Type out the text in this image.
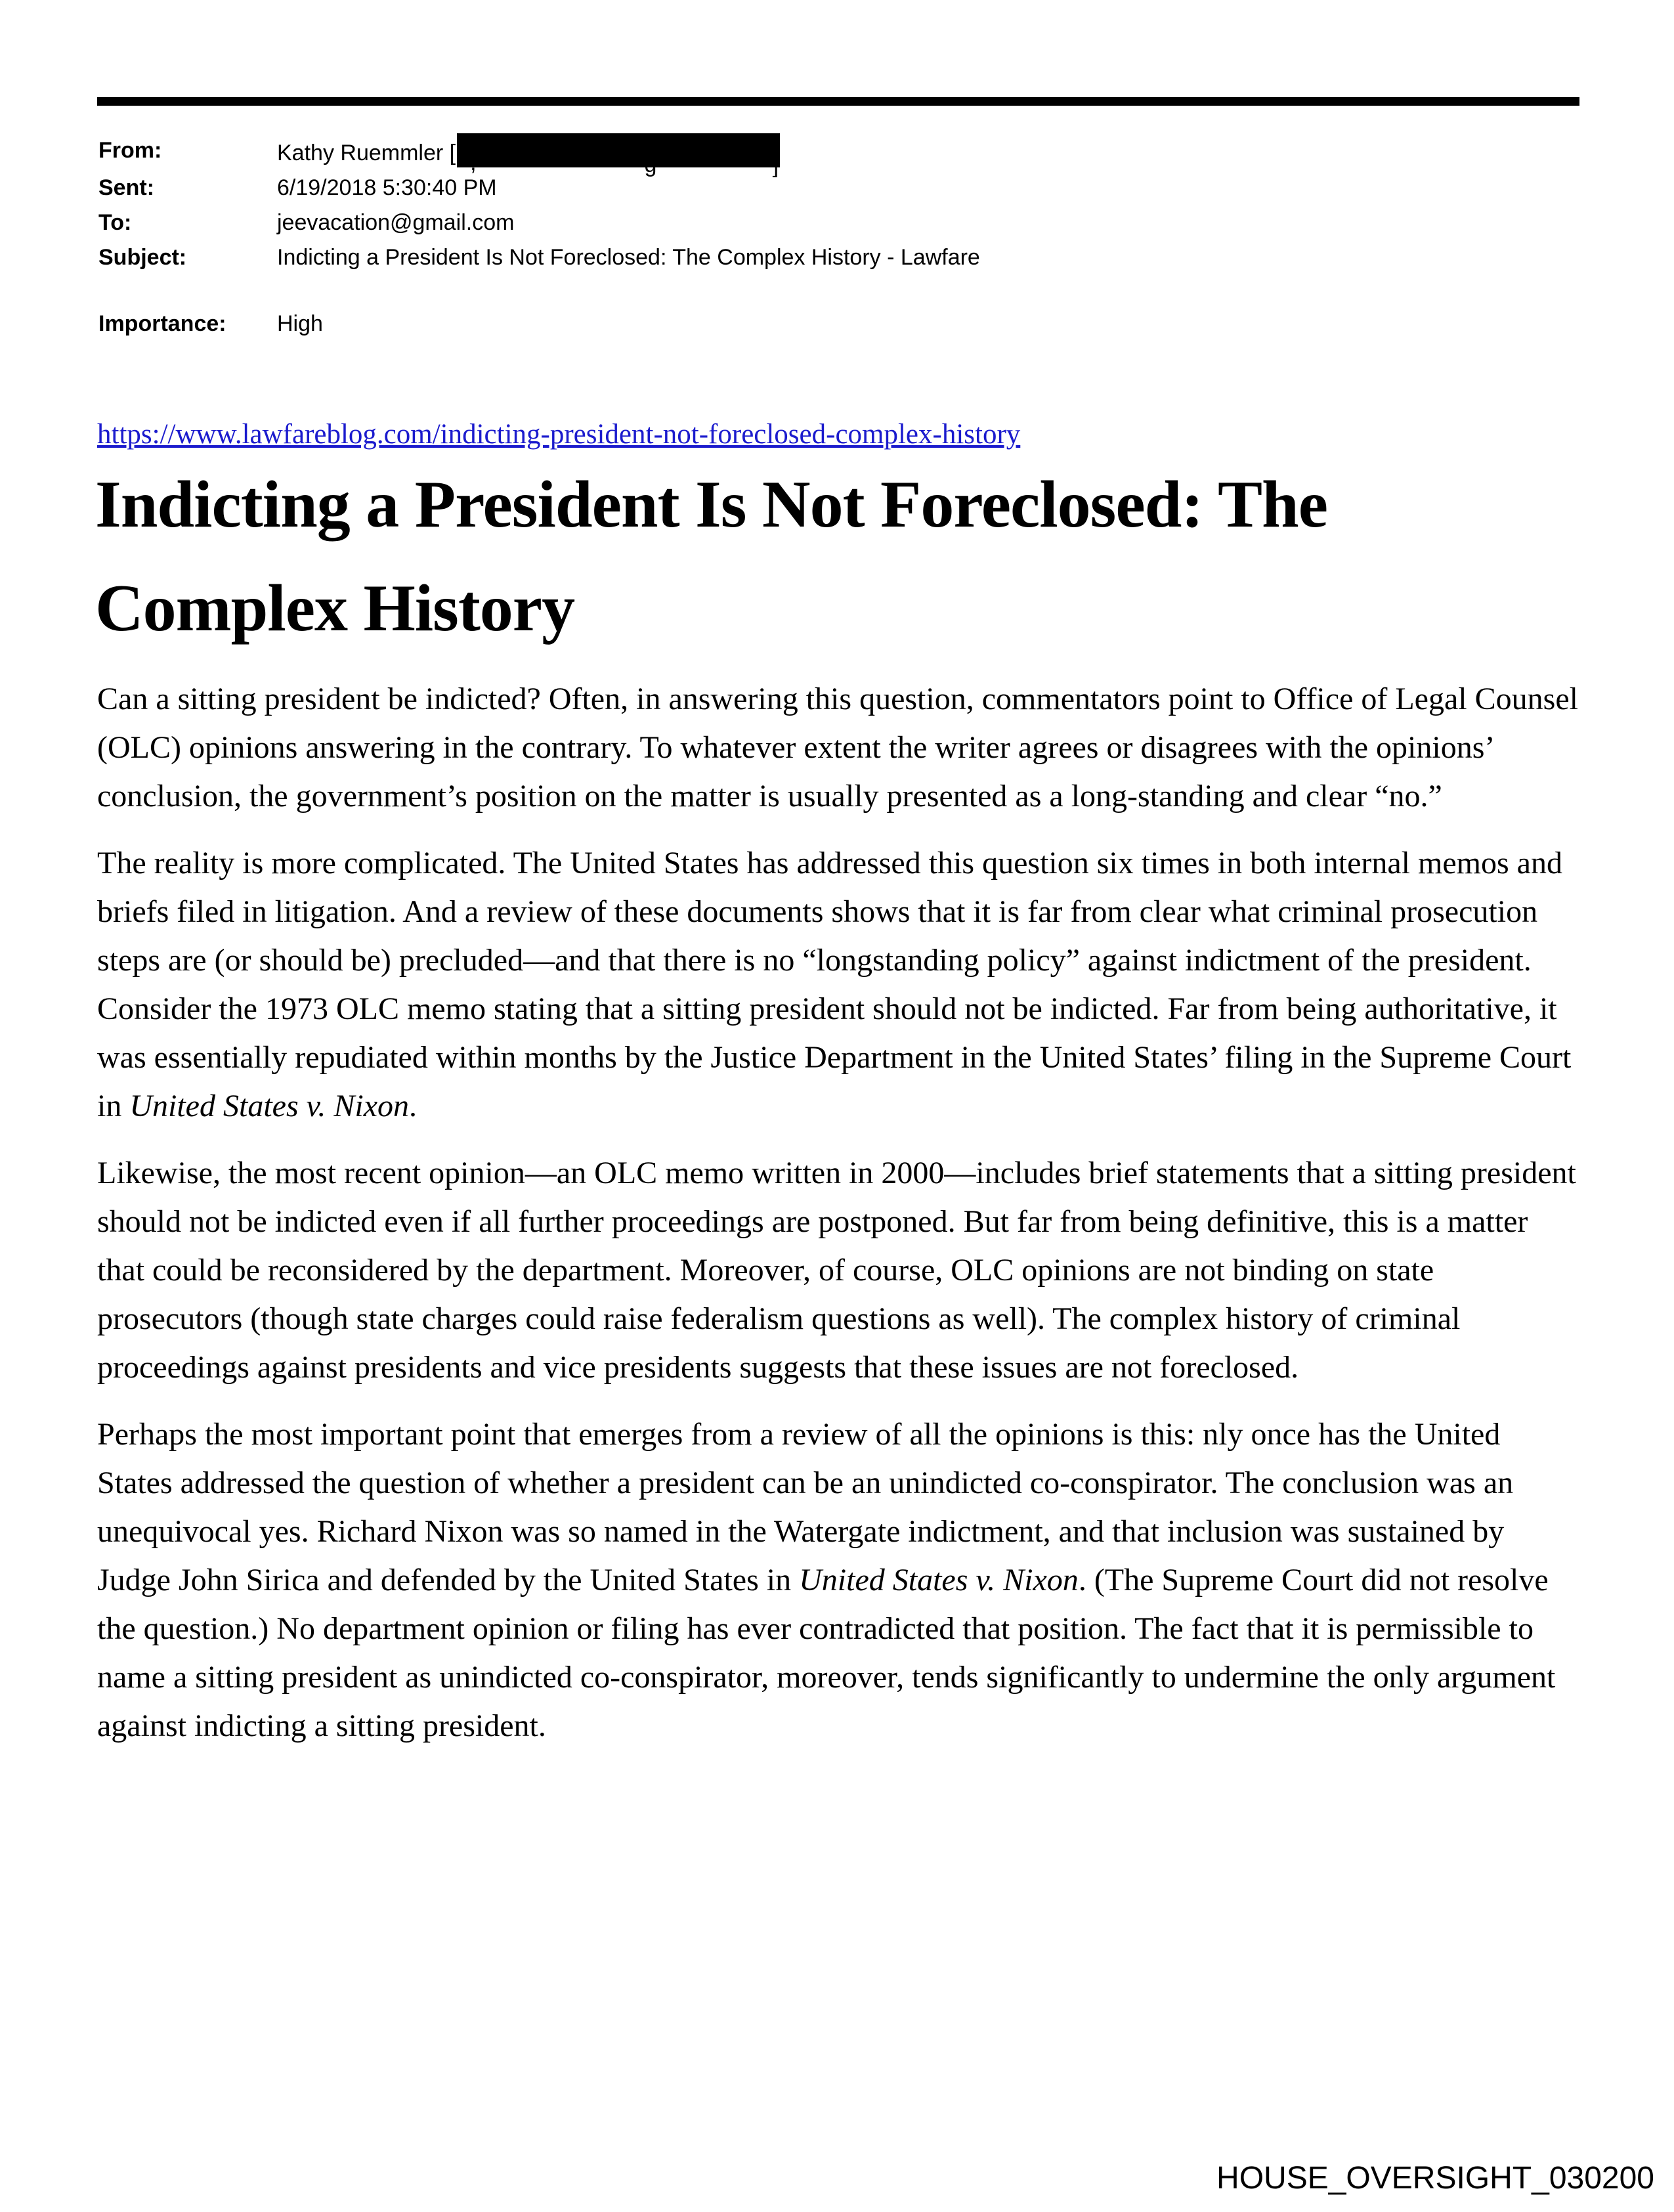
From:	Kathy Ruemmler [ ,	g	]
Sent:	6/19/2018 5:30:40 PM
To:	jeevacation@gmail.com
Subject:	Indicting a President Is Not Foreclosed: The Complex History - Lawfare
Importance:	High
https://www.lawfareblog.com/indicting-president-not-foreclosed-complex-history
Indicting a President Is Not Foreclosed: The
Complex History

Can a sitting president be indicted? Often, in answering this question, commentators point to Office of Legal Counsel (OLC) opinions answering in the contrary. To whatever extent the writer agrees or disagrees with the opinions’ conclusion, the government’s position on the matter is usually presented as a long-standing and clear “no.”

The reality is more complicated. The United States has addressed this question six times in both internal memos and briefs filed in litigation. And a review of these documents shows that it is far from clear what criminal prosecution steps are (or should be) precluded—and that there is no “longstanding policy” against indictment of the president. Consider the 1973 OLC memo stating that a sitting president should not be indicted. Far from being authoritative, it was essentially repudiated within months by the Justice Department in the United States’ filing in the Supreme Court in United States v. Nixon.

Likewise, the most recent opinion—an OLC memo written in 2000—includes brief statements that a sitting president should not be indicted even if all further proceedings are postponed. But far from being definitive, this is a matter that could be reconsidered by the department. Moreover, of course, OLC opinions are not binding on state prosecutors (though state charges could raise federalism questions as well). The complex history of criminal proceedings against presidents and vice presidents suggests that these issues are not foreclosed.

Perhaps the most important point that emerges from a review of all the opinions is this: nly once has the United States addressed the question of whether a president can be an unindicted co-conspirator. The conclusion was an unequivocal yes. Richard Nixon was so named in the Watergate indictment, and that inclusion was sustained by Judge John Sirica and defended by the United States in United States v. Nixon. (The Supreme Court did not resolve the question.) No department opinion or filing has ever contradicted that position. The fact that it is permissible to name a sitting president as unindicted co-conspirator, moreover, tends significantly to undermine the only argument against indicting a sitting president.

HOUSE_OVERSIGHT_030200
